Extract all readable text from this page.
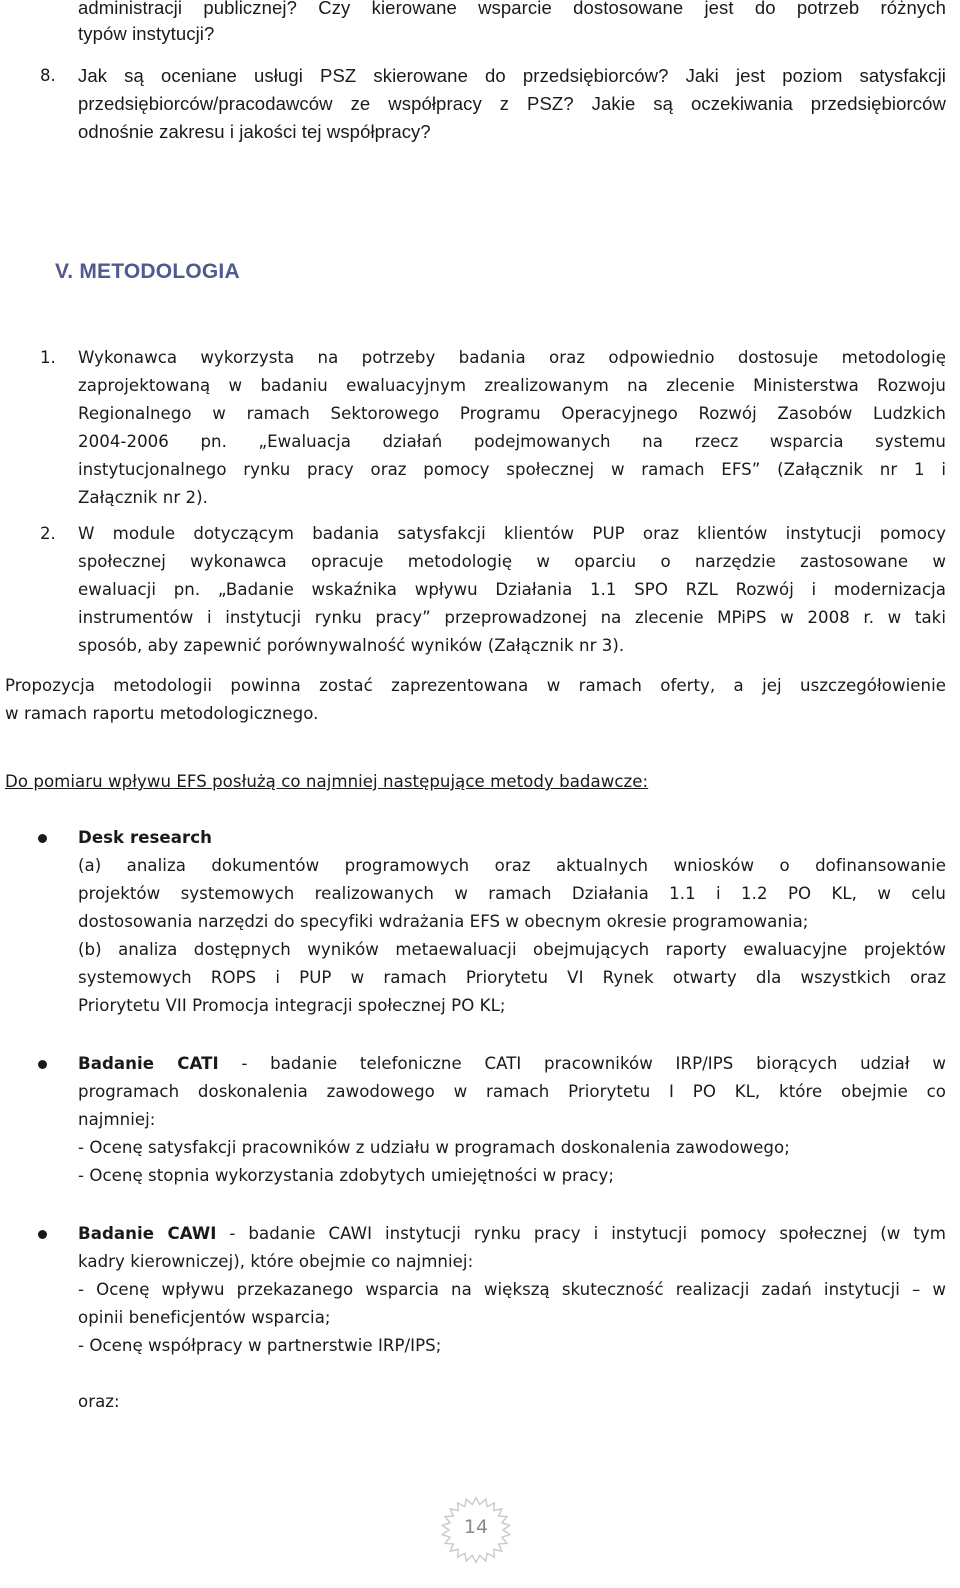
administracji publicznej? Czy kierowane wsparcie dostosowane jest do potrzeb różnych
typów instytucji?
8. Jak są oceniane usługi PSZ skierowane do przedsiębiorców? Jaki jest poziom satysfakcji
przedsiębiorców/pracodawców ze współpracy z PSZ? Jakie są oczekiwania przedsiębiorców
odnośnie zakresu i jakości tej współpracy?
V. METODOLOGIA
1. Wykonawca wykorzysta na potrzeby badania oraz odpowiednio dostosuje metodologię
zaprojektowaną w badaniu ewaluacyjnym zrealizowanym na zlecenie Ministerstwa Rozwoju
Regionalnego w ramach Sektorowego Programu Operacyjnego Rozwój Zasobów Ludzkich
2004-2006 pn. „Ewaluacja działań podejmowanych na rzecz wsparcia systemu
instytucjonalnego rynku pracy oraz pomocy społecznej w ramach EFS” (Załącznik nr 1 i
Załącznik nr 2).
2. W module dotyczącym badania satysfakcji klientów PUP oraz klientów instytucji pomocy
społecznej wykonawca opracuje metodologię w oparciu o narzędzie zastosowane w
ewaluacji pn. „Badanie wskaźnika wpływu Działania 1.1 SPO RZL Rozwój i modernizacja
instrumentów i instytucji rynku pracy” przeprowadzonej na zlecenie MPiPS w 2008 r. w taki
sposób, aby zapewnić porównywalność wyników (Załącznik nr 3).
Propozycja metodologii powinna zostać zaprezentowana w ramach oferty, a jej uszczegółowienie
w ramach raportu metodologicznego.
Do pomiaru wpływu EFS posłużą co najmniej następujące metody badawcze:
Desk research
(a) analiza dokumentów programowych oraz aktualnych wniosków o dofinansowanie
projektów systemowych realizowanych w ramach Działania 1.1 i 1.2 PO KL, w celu
dostosowania narzędzi do specyfiki wdrażania EFS w obecnym okresie programowania;
(b) analiza dostępnych wyników metaewaluacji obejmujących raporty ewaluacyjne projektów
systemowych ROPS i PUP w ramach Priorytetu VI Rynek otwarty dla wszystkich oraz
Priorytetu VII Promocja integracji społecznej PO KL;
Badanie CATI - badanie telefoniczne CATI pracowników IRP/IPS biorących udział w
programach doskonalenia zawodowego w ramach Priorytetu I PO KL, które obejmie co
najmniej:
- Ocenę satysfakcji pracowników z udziału w programach doskonalenia zawodowego;
- Ocenę stopnia wykorzystania zdobytych umiejętności w pracy;
Badanie CAWI - badanie CAWI instytucji rynku pracy i instytucji pomocy społecznej (w tym
kadry kierowniczej), które obejmie co najmniej:
- Ocenę wpływu przekazanego wsparcia na większą skuteczność realizacji zadań instytucji – w
opinii beneficjentów wsparcia;
- Ocenę współpracy w partnerstwie IRP/IPS;
oraz:
14
